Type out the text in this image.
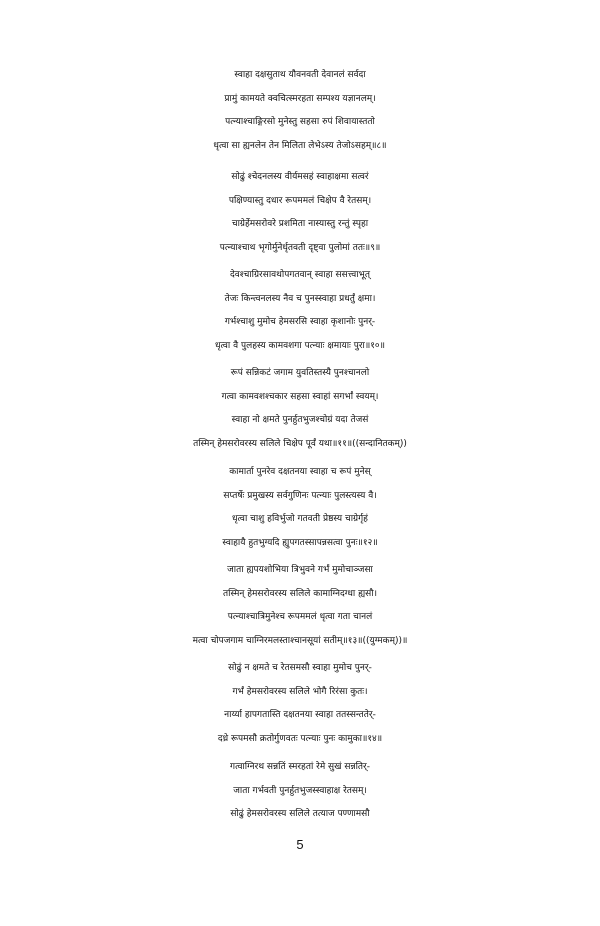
स्वाहा दक्षसुताथ यौवनवती देवानलं सर्वदा
प्रामुं कामयते क्वचित्स्मरहता सम्पश्य यज्ञानलम्।
पत्न्याश्चाङ्गिरसो मुनेस्तु सहसा रुपं शिवायास्ततो
धृत्वा सा ह्यनलेन तेन मिलिता लेभेऽस्य तेजोऽसहम्॥८॥
सोढुं श्चेदनलस्य वीर्यमसहं स्वाहाक्षमा सत्वरं
पक्षिण्यास्तु दधार रूपममलं चिक्षेप वै रेतसम्।
चाग्रेर्हेमसरोवरे प्रशमिता नास्यास्तु रन्तुं स्पृहा
पत्न्याश्चाथ भृगोर्मुनेर्धृतवती दृष्ट्वा पुलोमां ततः॥९॥
देवश्चाग्रिरसावथोपगतवान् स्वाहा ससत्त्वाभूत्
तेजः किन्त्वनलस्य नैव च पुनस्स्वाहा प्रधर्तुं क्षमा।
गर्भश्चाशु मुमोच हेमसरसि स्वाहा कृशानोः पुनर्-
धृत्वा वै पुलहस्य कामवशगा पत्न्याः क्षमायाः पुरा॥१०॥
रूपं सन्निकटं जगाम युवतिस्तस्यै पुनश्चानलो
गत्वा कामवशश्चकार सहसा स्वाहां सगर्भां स्वयम्।
स्वाहा नो क्षमते पुनर्हुतभुजश्चोग्रं यदा तेजसं
तस्मिन् हेमसरोवरस्य सलिले चिक्षेप पूर्वं यथा॥११॥((सन्दानितकम्))
कामार्ता पुनरेव दक्षतनया स्वाहा च रूपं मुनेस्
सप्तर्षेः प्रमुखस्य सर्वगुणिनः पत्न्याः पुलस्त्यस्य वै।
धृत्वा चाशु हविर्भुजो गतवती प्रेष्ठस्य चाग्रेर्गृहं
स्वाहायै हुतभुग्यदि ह्युपगतस्सापन्नसत्वा पुनः॥१२॥
जाता ह्यपयशोभिया त्रिभुवने गर्भं मुमोचाञ्जसा
तस्मिन् हेमसरोवरस्य सलिले कामाग्निदग्धा ह्यसौ।
पत्न्याश्चात्रिमुनेश्च रूपममलं धृत्वा गता चानलं
मत्वा चोपजगाम चाग्निरमलस्ताश्चानसूयां सतीम्॥१३॥((युग्मकम्))॥
सोढुं न क्षमते च रेतसमसौ स्वाहा मुमोच पुनर्-
गर्भं हेमसरोवरस्य सलिले भोगै रिरंसा कुतः।
नार्य्या हापगतास्ति दक्षतनया स्वाहा ततस्सन्ततेर्-
दध्रे रूपमसौ क्रतोर्गुणवतः पत्न्याः पुनः कामुका॥१४॥
गत्वाग्निरथ सन्नतिं स्मरहतां रेमे सुखं सन्नतिर्-
जाता गर्भवती पुनर्हुतभुजस्स्वाहाक्ष रेतसम्।
सोढुं हेमसरोवरस्य सलिले तत्याज पण्णामसौ
5
